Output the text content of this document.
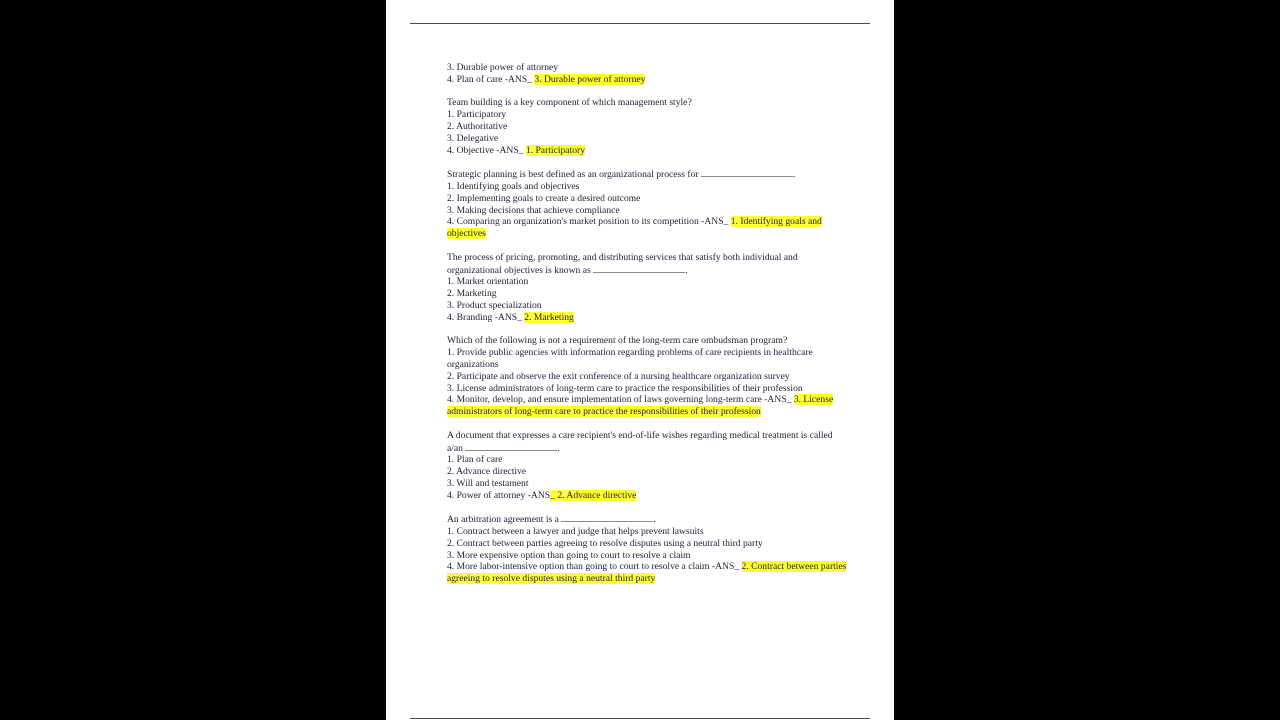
3. Durable power of attorney
4. Plan of care -ANS_ 3. Durable power of attorney
Team building is a key component of which management style?
1. Participatory
2. Authoritative
3. Delegative
4. Objective -ANS_ 1. Participatory
Strategic planning is best defined as an organizational process for	.
1. Identifying goals and objectives
2. Implementing goals to create a desired outcome
3. Making decisions that achieve compliance
4. Comparing an organization's market position to its competition -ANS_ 1. Identifying goals and objectives
The process of pricing, promoting, and distributing services that satisfy both individual and organizational objectives is known as	.
1. Market orientation
2. Marketing
3. Product specialization
4. Branding -ANS_ 2. Marketing
Which of the following is not a requirement of the long-term care ombudsman program?
1. Provide public agencies with information regarding problems of care recipients in healthcare organizations
2. Participate and observe the exit conference of a nursing healthcare organization survey
3. License administrators of long-term care to practice the responsibilities of their profession
4. Monitor, develop, and ensure implementation of laws governing long-term care -ANS_ 3. License administrators of long-term care to practice the responsibilities of their profession
A document that expresses a care recipient's end-of-life wishes regarding medical treatment is called a/an	.
1. Plan of care
2. Advance directive
3. Will and testament
4. Power of attorney -ANS_ 2. Advance directive
An arbitration agreement is a	.
1. Contract between a lawyer and judge that helps prevent lawsuits
2. Contract between parties agreeing to resolve disputes using a neutral third party
3. More expensive option than going to court to resolve a claim
4. More labor-intensive option than going to court to resolve a claim -ANS_ 2. Contract between parties agreeing to resolve disputes using a neutral third party
